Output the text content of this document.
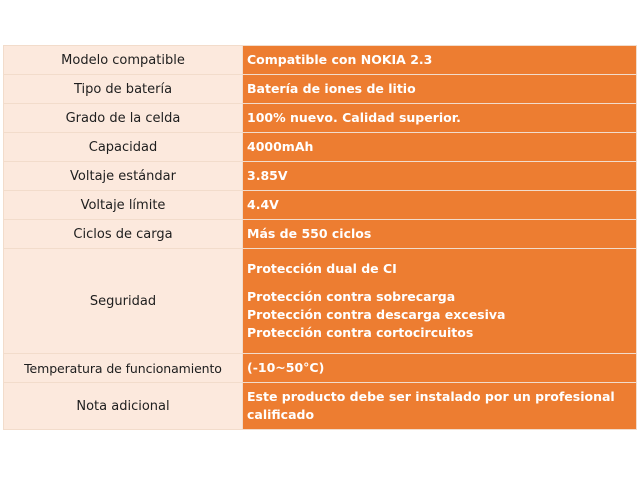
Modelo compatible	Compatible con NOKIA 2.3
Tipo de batería	Batería de iones de litio
Grado de la celda	100% nuevo. Calidad superior.
Capacidad	4000mAh
Voltaje estándar	3.85V
Voltaje límite	4.4V
Ciclos de carga	Más de 550 ciclos
Seguridad	Protección dual de CI
Protección contra sobrecarga
Protección contra descarga excesiva
Protección contra cortocircuitos

Temperatura de funcionamiento	(-10~50°C)
Nota adicional	Este producto debe ser instalado por un profesional calificado
